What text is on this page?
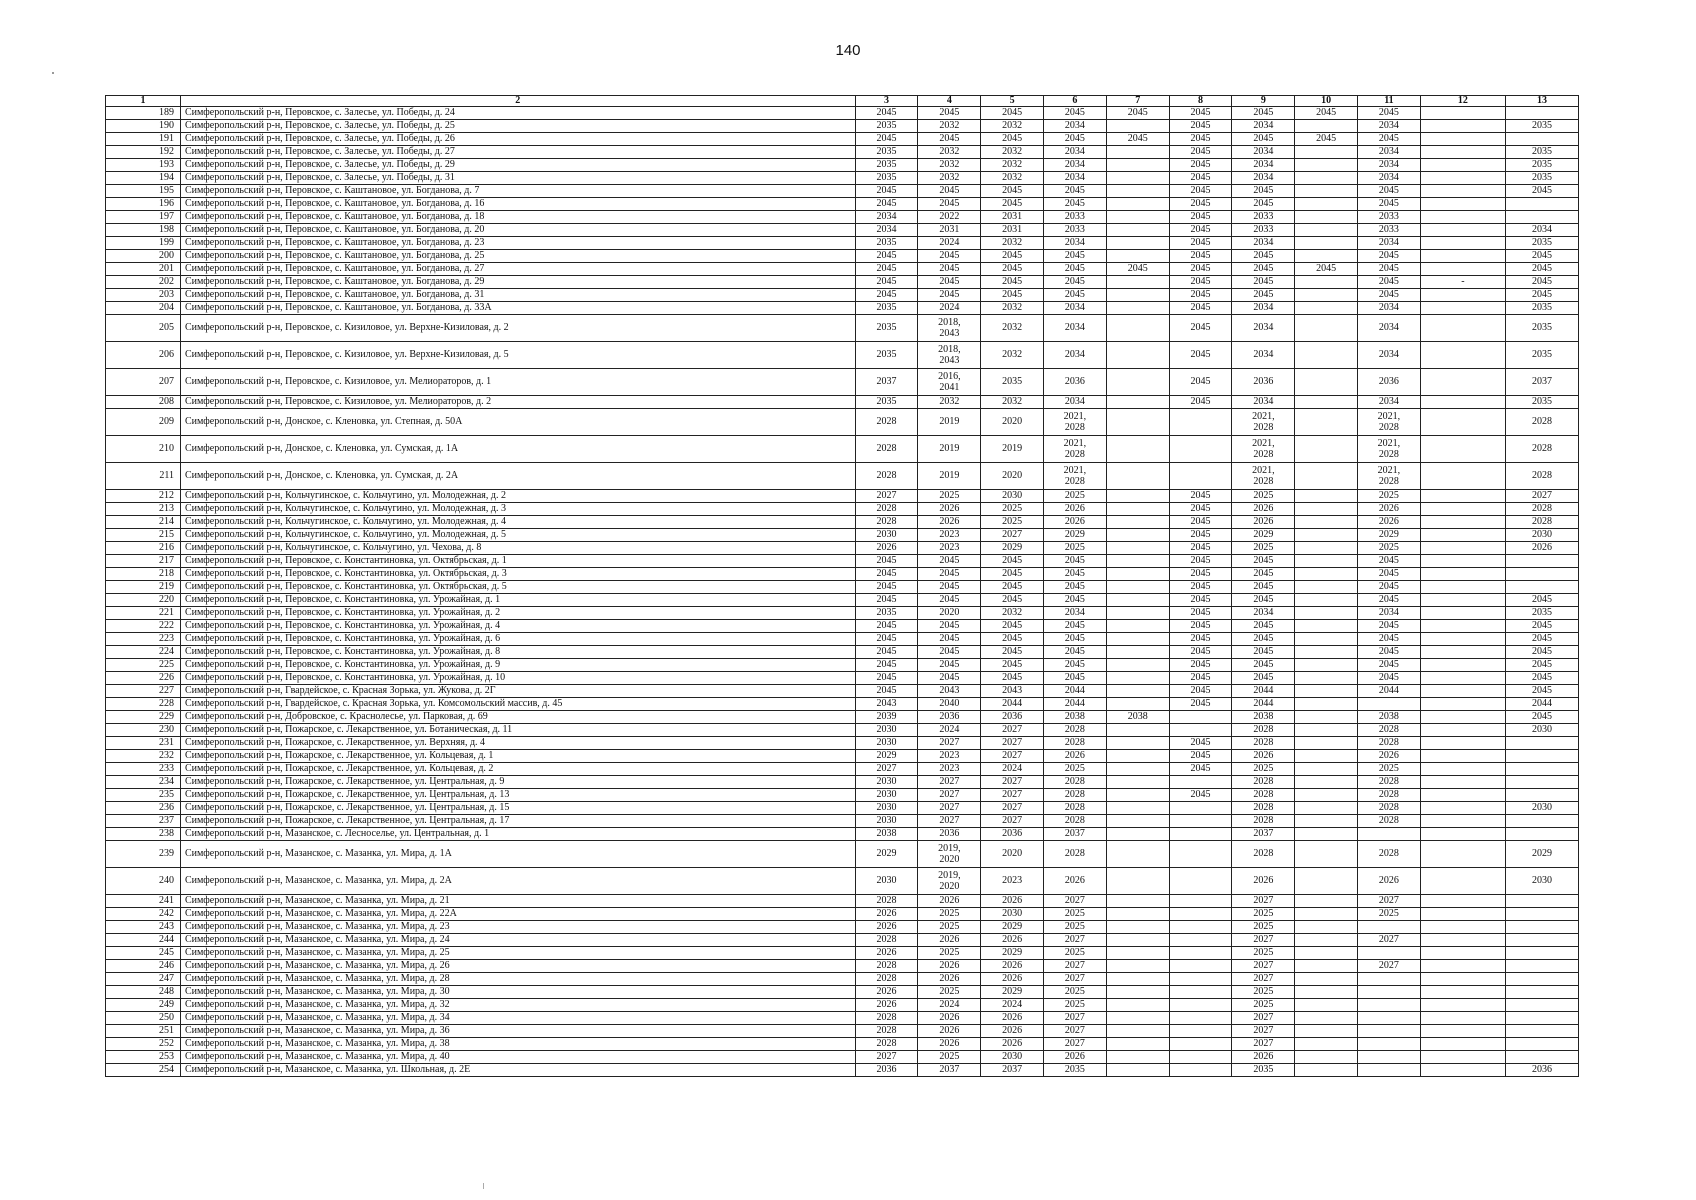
140
1	2	3	4	5	6	7	8	9	10	11	12	13
189	Симферопольский р-н, Перовское, с. Залесье, ул. Победы, д. 24	2045	2045	2045	2045	2045	2045	2045	2045	2045		
190	Симферопольский р-н, Перовское, с. Залесье, ул. Победы, д. 25	2035	2032	2032	2034		2045	2034		2034		2035
191	Симферопольский р-н, Перовское, с. Залесье, ул. Победы, д. 26	2045	2045	2045	2045	2045	2045	2045	2045	2045		
192	Симферопольский р-н, Перовское, с. Залесье, ул. Победы, д. 27	2035	2032	2032	2034		2045	2034		2034		2035
193	Симферопольский р-н, Перовское, с. Залесье, ул. Победы, д. 29	2035	2032	2032	2034		2045	2034		2034		2035
194	Симферопольский р-н, Перовское, с. Залесье, ул. Победы, д. 31	2035	2032	2032	2034		2045	2034		2034		2035
195	Симферопольский р-н, Перовское, с. Каштановое, ул. Богданова, д. 7	2045	2045	2045	2045		2045	2045		2045		2045
196	Симферопольский р-н, Перовское, с. Каштановое, ул. Богданова, д. 16	2045	2045	2045	2045		2045	2045		2045		
197	Симферопольский р-н, Перовское, с. Каштановое, ул. Богданова, д. 18	2034	2022	2031	2033		2045	2033		2033		
198	Симферопольский р-н, Перовское, с. Каштановое, ул. Богданова, д. 20	2034	2031	2031	2033		2045	2033		2033		2034
199	Симферопольский р-н, Перовское, с. Каштановое, ул. Богданова, д. 23	2035	2024	2032	2034		2045	2034		2034		2035
200	Симферопольский р-н, Перовское, с. Каштановое, ул. Богданова, д. 25	2045	2045	2045	2045		2045	2045		2045		2045
201	Симферопольский р-н, Перовское, с. Каштановое, ул. Богданова, д. 27	2045	2045	2045	2045	2045	2045	2045	2045	2045		2045
202	Симферопольский р-н, Перовское, с. Каштановое, ул. Богданова, д. 29	2045	2045	2045	2045		2045	2045		2045	-	2045
203	Симферопольский р-н, Перовское, с. Каштановое, ул. Богданова, д. 31	2045	2045	2045	2045		2045	2045		2045		2045
204	Симферопольский р-н, Перовское, с. Каштановое, ул. Богданова, д. 33А	2035	2024	2032	2034		2045	2034		2034		2035
205	Симферопольский р-н, Перовское, с. Кизиловое, ул. Верхне-Кизиловая, д. 2	2035	2018,
2043	2032	2034		2045	2034		2034		2035
206	Симферопольский р-н, Перовское, с. Кизиловое, ул. Верхне-Кизиловая, д. 5	2035	2018,
2043	2032	2034		2045	2034		2034		2035
207	Симферопольский р-н, Перовское, с. Кизиловое, ул. Мелиораторов, д. 1	2037	2016,
2041	2035	2036		2045	2036		2036		2037
208	Симферопольский р-н, Перовское, с. Кизиловое, ул. Мелиораторов, д. 2	2035	2032	2032	2034		2045	2034		2034		2035
209	Симферопольский р-н, Донское, с. Кленовка, ул. Степная, д. 50А	2028	2019	2020	2021,
2028			2021,
2028		2021,
2028		2028
210	Симферопольский р-н, Донское, с. Кленовка, ул. Сумская, д. 1А	2028	2019	2019	2021,
2028			2021,
2028		2021,
2028		2028
211	Симферопольский р-н, Донское, с. Кленовка, ул. Сумская, д. 2А	2028	2019	2020	2021,
2028			2021,
2028		2021,
2028		2028
212	Симферопольский р-н, Кольчугинское, с. Кольчугино, ул. Молодежная, д. 2	2027	2025	2030	2025		2045	2025		2025		2027
213	Симферопольский р-н, Кольчугинское, с. Кольчугино, ул. Молодежная, д. 3	2028	2026	2025	2026		2045	2026		2026		2028
214	Симферопольский р-н, Кольчугинское, с. Кольчугино, ул. Молодежная, д. 4	2028	2026	2025	2026		2045	2026		2026		2028
215	Симферопольский р-н, Кольчугинское, с. Кольчугино, ул. Молодежная, д. 5	2030	2023	2027	2029		2045	2029		2029		2030
216	Симферопольский р-н, Кольчугинское, с. Кольчугино, ул. Чехова, д. 8	2026	2023	2029	2025		2045	2025		2025		2026
217	Симферопольский р-н, Перовское, с. Константиновка, ул. Октябрьская, д. 1	2045	2045	2045	2045		2045	2045		2045		
218	Симферопольский р-н, Перовское, с. Константиновка, ул. Октябрьская, д. 3	2045	2045	2045	2045		2045	2045		2045		
219	Симферопольский р-н, Перовское, с. Константиновка, ул. Октябрьская, д. 5	2045	2045	2045	2045		2045	2045		2045		
220	Симферопольский р-н, Перовское, с. Константиновка, ул. Урожайная, д. 1	2045	2045	2045	2045		2045	2045		2045		2045
221	Симферопольский р-н, Перовское, с. Константиновка, ул. Урожайная, д. 2	2035	2020	2032	2034		2045	2034		2034		2035
222	Симферопольский р-н, Перовское, с. Константиновка, ул. Урожайная, д. 4	2045	2045	2045	2045		2045	2045		2045		2045
223	Симферопольский р-н, Перовское, с. Константиновка, ул. Урожайная, д. 6	2045	2045	2045	2045		2045	2045		2045		2045
224	Симферопольский р-н, Перовское, с. Константиновка, ул. Урожайная, д. 8	2045	2045	2045	2045		2045	2045		2045		2045
225	Симферопольский р-н, Перовское, с. Константиновка, ул. Урожайная, д. 9	2045	2045	2045	2045		2045	2045		2045		2045
226	Симферопольский р-н, Перовское, с. Константиновка, ул. Урожайная, д. 10	2045	2045	2045	2045		2045	2045		2045		2045
227	Симферопольский р-н, Гвардейское, с. Красная Зорька, ул. Жукова, д. 2Г	2045	2043	2043	2044		2045	2044		2044		2045
228	Симферопольский р-н, Гвардейское, с. Красная Зорька, ул. Комсомольский массив, д. 45	2043	2040	2044	2044		2045	2044				2044
229	Симферопольский р-н, Добровское, с. Краснолесье, ул. Парковая, д. 69	2039	2036	2036	2038	2038		2038		2038		2045
230	Симферопольский р-н, Пожарское, с. Лекарственное, ул. Ботаническая, д. 11	2030	2024	2027	2028			2028		2028		2030
231	Симферопольский р-н, Пожарское, с. Лекарственное, ул. Верхняя, д. 4	2030	2027	2027	2028		2045	2028		2028		
232	Симферопольский р-н, Пожарское, с. Лекарственное, ул. Кольцевая, д. 1	2029	2023	2027	2026		2045	2026		2026		
233	Симферопольский р-н, Пожарское, с. Лекарственное, ул. Кольцевая, д. 2	2027	2023	2024	2025		2045	2025		2025		
234	Симферопольский р-н, Пожарское, с. Лекарственное, ул. Центральная, д. 9	2030	2027	2027	2028			2028		2028		
235	Симферопольский р-н, Пожарское, с. Лекарственное, ул. Центральная, д. 13	2030	2027	2027	2028		2045	2028		2028		
236	Симферопольский р-н, Пожарское, с. Лекарственное, ул. Центральная, д. 15	2030	2027	2027	2028			2028		2028		2030
237	Симферопольский р-н, Пожарское, с. Лекарственное, ул. Центральная, д. 17	2030	2027	2027	2028			2028		2028		
238	Симферопольский р-н, Мазанское, с. Лесноселье, ул. Центральная, д. 1	2038	2036	2036	2037			2037				
239	Симферопольский р-н, Мазанское, с. Мазанка, ул. Мира, д. 1А	2029	2019,
2020	2020	2028			2028		2028		2029
240	Симферопольский р-н, Мазанское, с. Мазанка, ул. Мира, д. 2А	2030	2019,
2020	2023	2026			2026		2026		2030
241	Симферопольский р-н, Мазанское, с. Мазанка, ул. Мира, д. 21	2028	2026	2026	2027			2027		2027		
242	Симферопольский р-н, Мазанское, с. Мазанка, ул. Мира, д. 22А	2026	2025	2030	2025			2025		2025		
243	Симферопольский р-н, Мазанское, с. Мазанка, ул. Мира, д. 23	2026	2025	2029	2025			2025				
244	Симферопольский р-н, Мазанское, с. Мазанка, ул. Мира, д. 24	2028	2026	2026	2027			2027		2027		
245	Симферопольский р-н, Мазанское, с. Мазанка, ул. Мира, д. 25	2026	2025	2029	2025			2025				
246	Симферопольский р-н, Мазанское, с. Мазанка, ул. Мира, д. 26	2028	2026	2026	2027			2027		2027		
247	Симферопольский р-н, Мазанское, с. Мазанка, ул. Мира, д. 28	2028	2026	2026	2027			2027				
248	Симферопольский р-н, Мазанское, с. Мазанка, ул. Мира, д. 30	2026	2025	2029	2025			2025				
249	Симферопольский р-н, Мазанское, с. Мазанка, ул. Мира, д. 32	2026	2024	2024	2025			2025				
250	Симферопольский р-н, Мазанское, с. Мазанка, ул. Мира, д. 34	2028	2026	2026	2027			2027				
251	Симферопольский р-н, Мазанское, с. Мазанка, ул. Мира, д. 36	2028	2026	2026	2027			2027				
252	Симферопольский р-н, Мазанское, с. Мазанка, ул. Мира, д. 38	2028	2026	2026	2027			2027				
253	Симферопольский р-н, Мазанское, с. Мазанка, ул. Мира, д. 40	2027	2025	2030	2026			2026				
254	Симферопольский р-н, Мазанское, с. Мазанка, ул. Школьная, д. 2Е	2036	2037	2037	2035			2035				2036
